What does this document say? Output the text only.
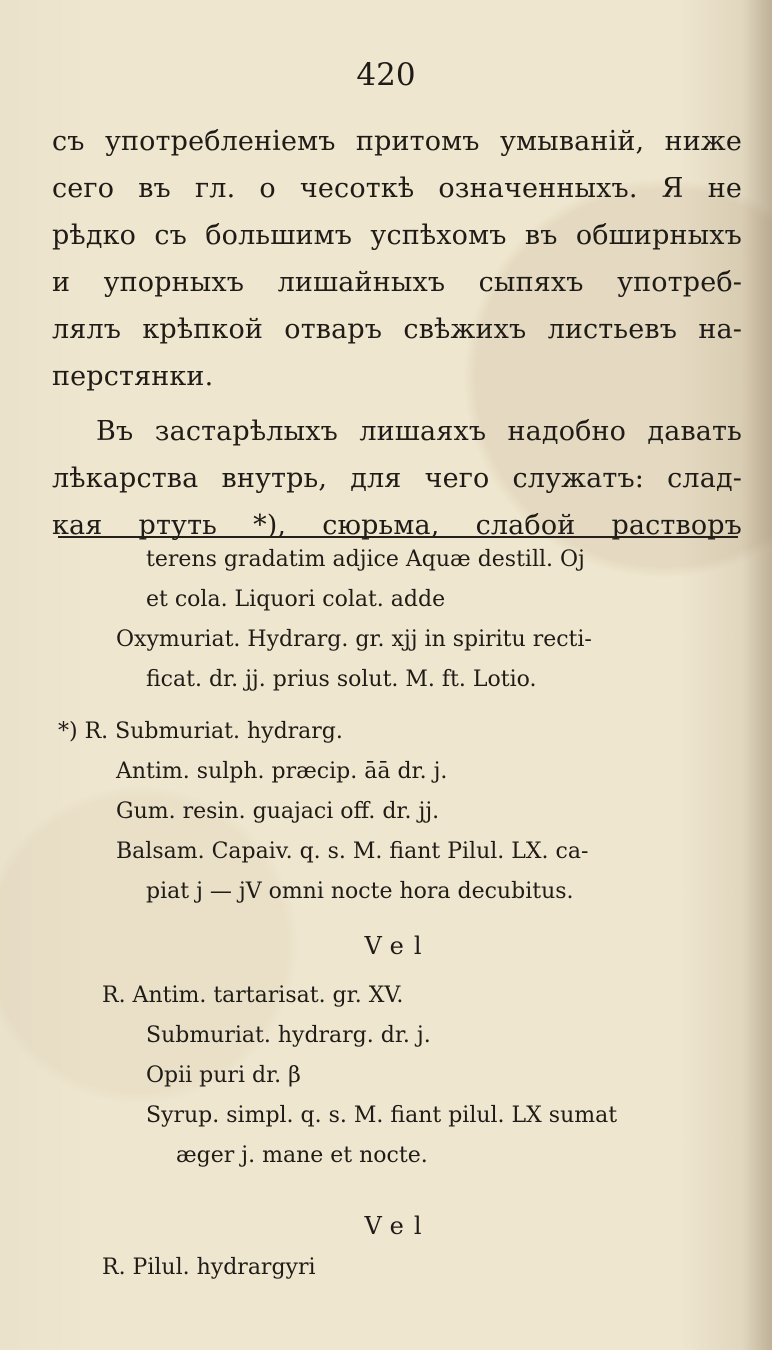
420
съ употребленіемъ притомъ умываній, ниже
сего въ гл. о чесоткѣ означенныхъ. Я не
рѣдко съ большимъ успѣхомъ въ обширныхъ
и упорныхъ лишайныхъ сыпяхъ употреб-
лялъ крѣпкой отваръ свѣжихъ листьевъ на-
перстянки.
Въ застарѣлыхъ лишаяхъ надобно давать
лѣкарства внутрь, для чего служатъ: слад-
кая ртуть *), сюрьма, слабой растворъ
terens gradatim adjice Aquæ destill. Oj
et cola. Liquori colat. adde
Oxymuriat. Hydrarg. gr. xjj in spiritu recti-
ficat. dr. jj. prius solut. M. ft. Lotio.
*) R. Submuriat. hydrarg.
Antim. sulph. præcip. āā dr. j.
Gum. resin. guajaci off. dr. jj.
Balsam. Capaiv. q. s. M. fiant Pilul. LX. ca-
piat j — jV omni nocte hora decubitus.
Vel
R. Antim. tartarisat. gr. XV.
Submuriat. hydrarg. dr. j.
Opii puri dr. β
Syrup. simpl. q. s. M. fiant pilul. LX sumat
æger j. mane et nocte.
Vel
R. Pilul. hydrargyri
